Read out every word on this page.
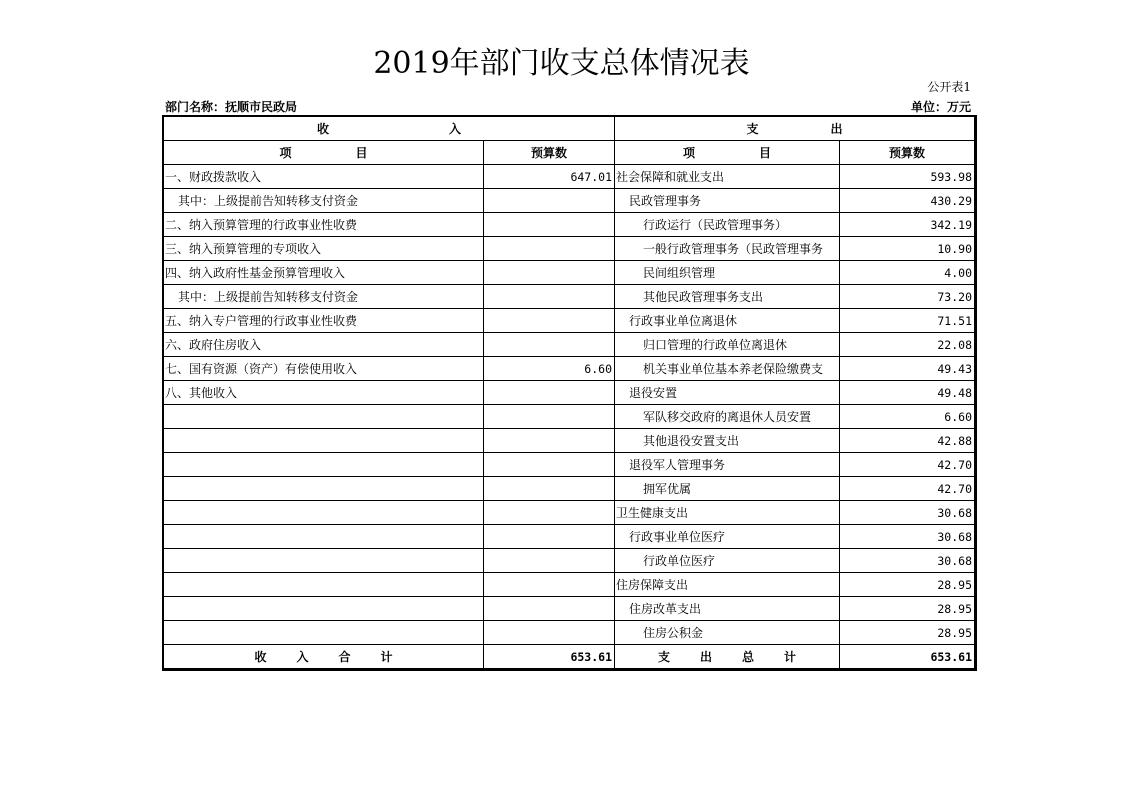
2019年部门收支总体情况表
公开表1
部门名称：抚顺市民政局	单位：万元
收 入		支 出	
项 目	预算数	项 目	预算数
一、财政拨款收入	647.01	社会保障和就业支出	593.98
其中：上级提前告知转移支付资金		民政管理事务	430.29
二、纳入预算管理的行政事业性收费		行政运行（民政管理事务）	342.19
三、纳入预算管理的专项收入		一般行政管理事务（民政管理事务	10.90
四、纳入政府性基金预算管理收入		民间组织管理	4.00
其中：上级提前告知转移支付资金		其他民政管理事务支出	73.20
五、纳入专户管理的行政事业性收费		行政事业单位离退休	71.51
六、政府住房收入		归口管理的行政单位离退休	22.08
七、国有资源（资产）有偿使用收入	6.60	机关事业单位基本养老保险缴费支	49.43
八、其他收入		退役安置	49.48
		军队移交政府的离退休人员安置	6.60
		其他退役安置支出	42.88
		退役军人管理事务	42.70
		拥军优属	42.70
		卫生健康支出	30.68
		行政事业单位医疗	30.68
		行政单位医疗	30.68
		住房保障支出	28.95
		住房改革支出	28.95
		住房公积金	28.95
收 入 合 计	653.61	支 出 总 计	653.61
